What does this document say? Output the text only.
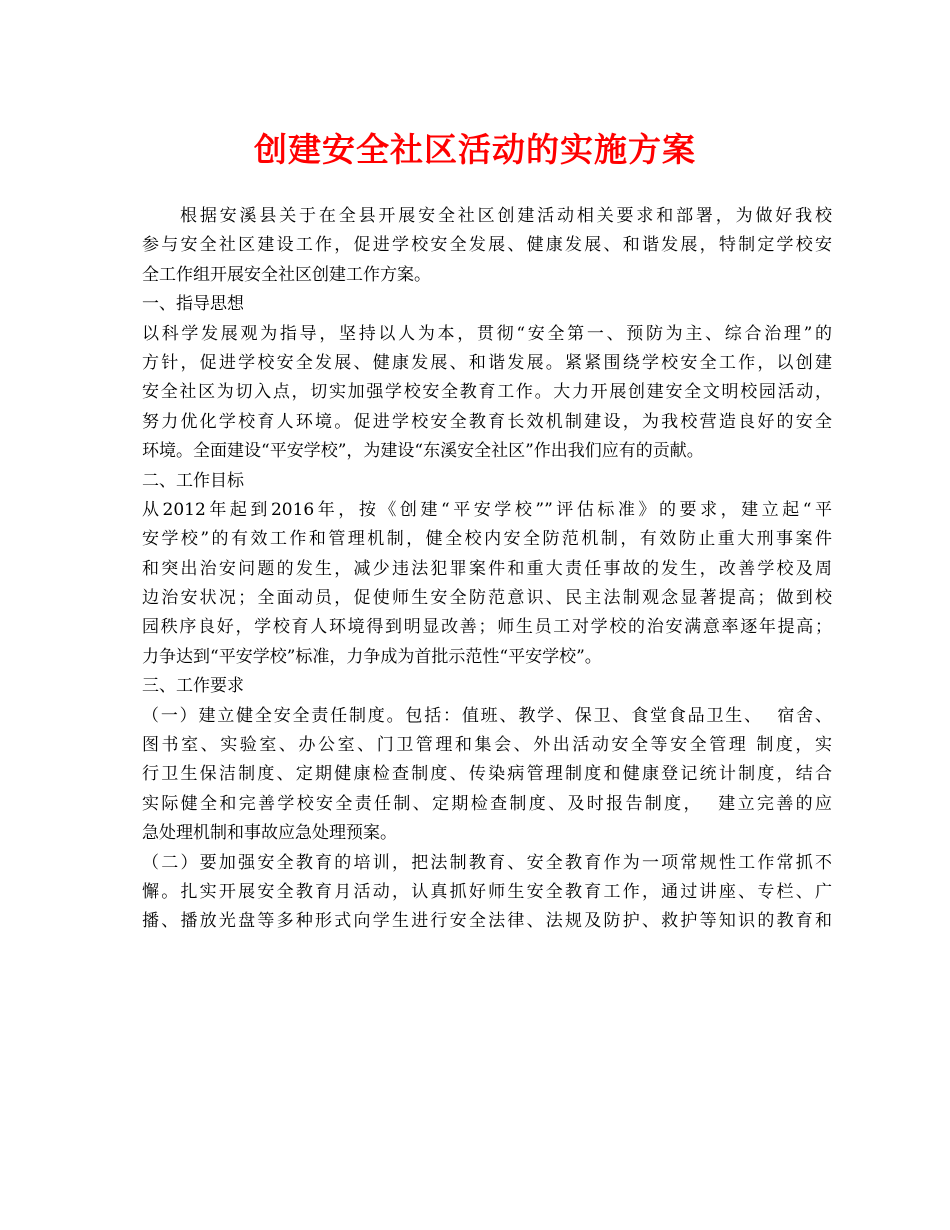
创建安全社区活动的实施方案
根据安溪县关于在全县开展安全社区创建活动相关要求和部署，为做好我校
参与安全社区建设工作，促进学校安全发展、健康发展、和谐发展，特制定学校安
全工作组开展安全社区创建工作方案。
一、指导思想
以科学发展观为指导，坚持以人为本，贯彻“安全第一、预防为主、综合治理”的
方针，促进学校安全发展、健康发展、和谐发展。紧紧围绕学校安全工作，以创建
安全社区为切入点，切实加强学校安全教育工作。大力开展创建安全文明校园活动，
努力优化学校育人环境。促进学校安全教育长效机制建设，为我校营造良好的安全
环境。全面建设“平安学校”，为建设“东溪安全社区”作出我们应有的贡献。
二、工作目标
从2012年起到2016年，按《创建“平安学校””评估标准》的要求，建立起“平
安学校”的有效工作和管理机制，健全校内安全防范机制，有效防止重大刑事案件
和突出治安问题的发生，减少违法犯罪案件和重大责任事故的发生，改善学校及周
边治安状况；全面动员，促使师生安全防范意识、民主法制观念显著提高；做到校
园秩序良好，学校育人环境得到明显改善；师生员工对学校的治安满意率逐年提高；
力争达到“平安学校”标准，力争成为首批示范性“平安学校”。
三、工作要求
（一）建立健全安全责任制度。包括：值班、教学、保卫、食堂食品卫生、  宿舍、
图书室、实验室、办公室、门卫管理和集会、外出活动安全等安全管理 制度，实
行卫生保洁制度、定期健康检查制度、传染病管理制度和健康登记统计制度，结合
实际健全和完善学校安全责任制、定期检查制度、及时报告制度，  建立完善的应
急处理机制和事故应急处理预案。
（二）要加强安全教育的培训，把法制教育、安全教育作为一项常规性工作常抓不
懈。扎实开展安全教育月活动，认真抓好师生安全教育工作，通过讲座、专栏、广
播、播放光盘等多种形式向学生进行安全法律、法规及防护、救护等知识的教育和
